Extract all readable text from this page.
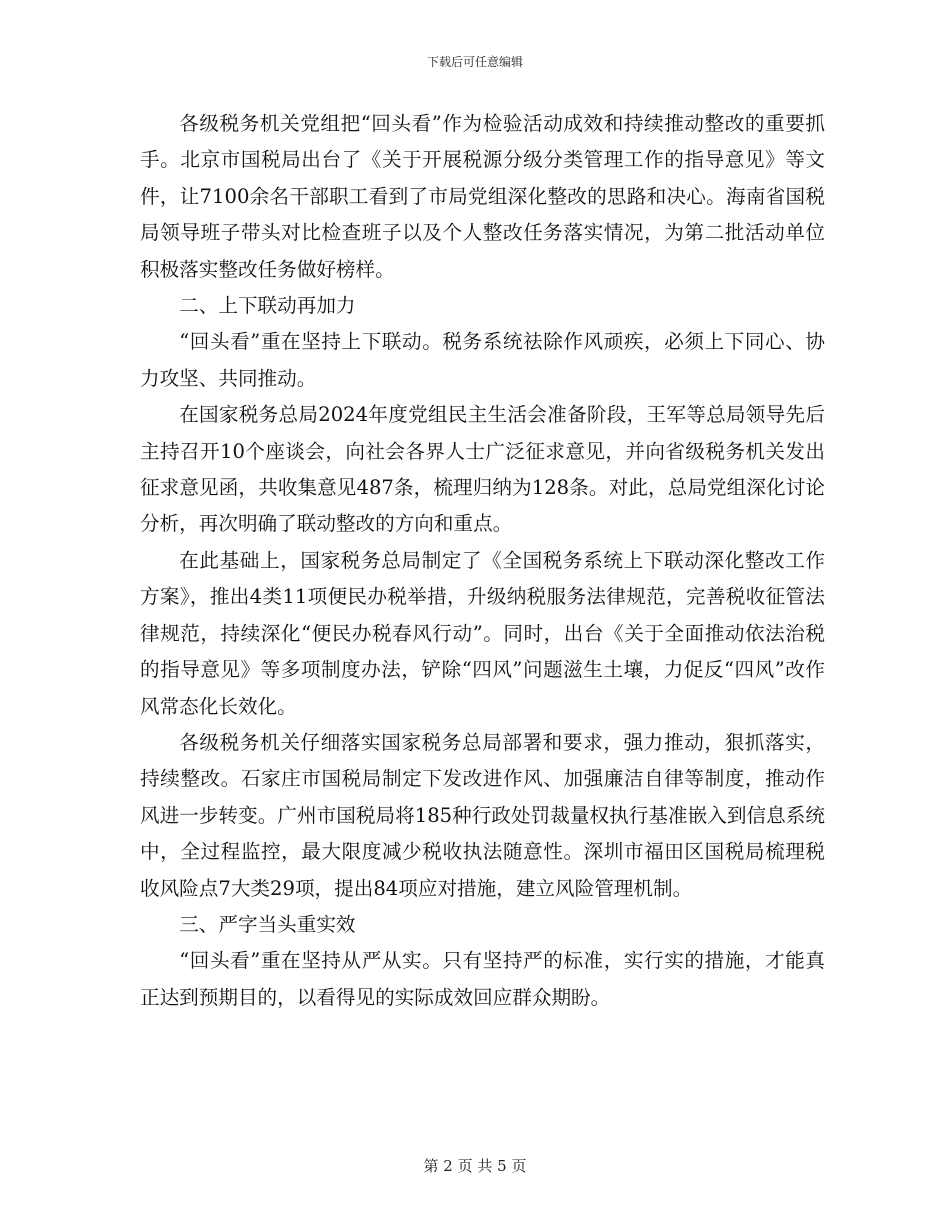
下载后可任意编辑

各级税务机关党组把“回头看”作为检验活动成效和持续推动整改的重要抓手。北京市国税局出台了《关于开展税源分级分类管理工作的指导意见》等文件，让7100余名干部职工看到了市局党组深化整改的思路和决心。海南省国税局领导班子带头对比检查班子以及个人整改任务落实情况，为第二批活动单位积极落实整改任务做好榜样。

二、上下联动再加力

“回头看”重在坚持上下联动。税务系统祛除作风顽疾，必须上下同心、协力攻坚、共同推动。

在国家税务总局2024年度党组民主生活会准备阶段，王军等总局领导先后主持召开10个座谈会，向社会各界人士广泛征求意见，并向省级税务机关发出征求意见函，共收集意见487条，梳理归纳为128条。对此，总局党组深化讨论分析，再次明确了联动整改的方向和重点。

在此基础上，国家税务总局制定了《全国税务系统上下联动深化整改工作方案》，推出4类11项便民办税举措，升级纳税服务法律规范，完善税收征管法律规范，持续深化“便民办税春风行动”。同时，出台《关于全面推动依法治税的指导意见》等多项制度办法，铲除“四风”问题滋生土壤，力促反“四风”改作风常态化长效化。

各级税务机关仔细落实国家税务总局部署和要求，强力推动，狠抓落实，持续整改。石家庄市国税局制定下发改进作风、加强廉洁自律等制度，推动作风进一步转变。广州市国税局将185种行政处罚裁量权执行基准嵌入到信息系统中，全过程监控，最大限度减少税收执法随意性。深圳市福田区国税局梳理税收风险点7大类29项，提出84项应对措施，建立风险管理机制。

三、严字当头重实效

“回头看”重在坚持从严从实。只有坚持严的标准，实行实的措施，才能真正达到预期目的，以看得见的实际成效回应群众期盼。

第 2 页 共 5 页
